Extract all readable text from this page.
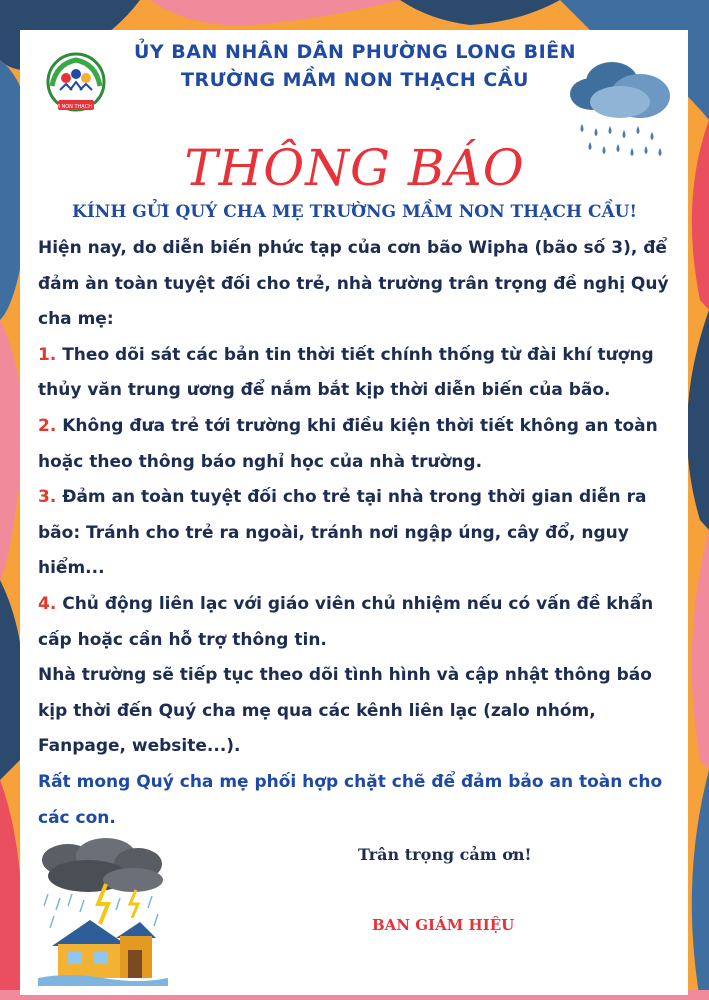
MẦM NON THẠCH CẦU
ỦY BAN NHÂN DÂN PHƯỜNG LONG BIÊN
TRƯỜNG MẦM NON THẠCH CẦU
THÔNG BÁO
KÍNH GỬI QUÝ CHA MẸ TRƯỜNG MẦM NON THẠCH CẦU!

Hiện nay, do diễn biến phức tạp của cơn bão Wipha (bão số 3), để đảm àn toàn tuyệt đối cho trẻ, nhà trường trân trọng đề nghị Quý cha mẹ:

1. Theo dõi sát các bản tin thời tiết chính thống từ đài khí tượng thủy văn trung ương để nắm bắt kịp thời diễn biến của bão.

2. Không đưa trẻ tới trường khi điều kiện thời tiết không an toàn hoặc theo thông báo nghỉ học của nhà trường.

3. Đảm an toàn tuyệt đối cho trẻ tại nhà trong thời gian diễn ra bão: Tránh cho trẻ ra ngoài, tránh nơi ngập úng, cây đổ, nguy hiểm...

4. Chủ động liên lạc với giáo viên chủ nhiệm nếu có vấn đề khẩn cấp hoặc cần hỗ trợ thông tin.

Nhà trường sẽ tiếp tục theo dõi tình hình và cập nhật thông báo kịp thời đến Quý cha mẹ qua các kênh liên lạc (zalo nhóm, Fanpage, website...).

Rất mong Quý cha mẹ phối hợp chặt chẽ để đảm bảo an toàn cho các con.

Trân trọng cảm ơn!
BAN GIÁM HIỆU
